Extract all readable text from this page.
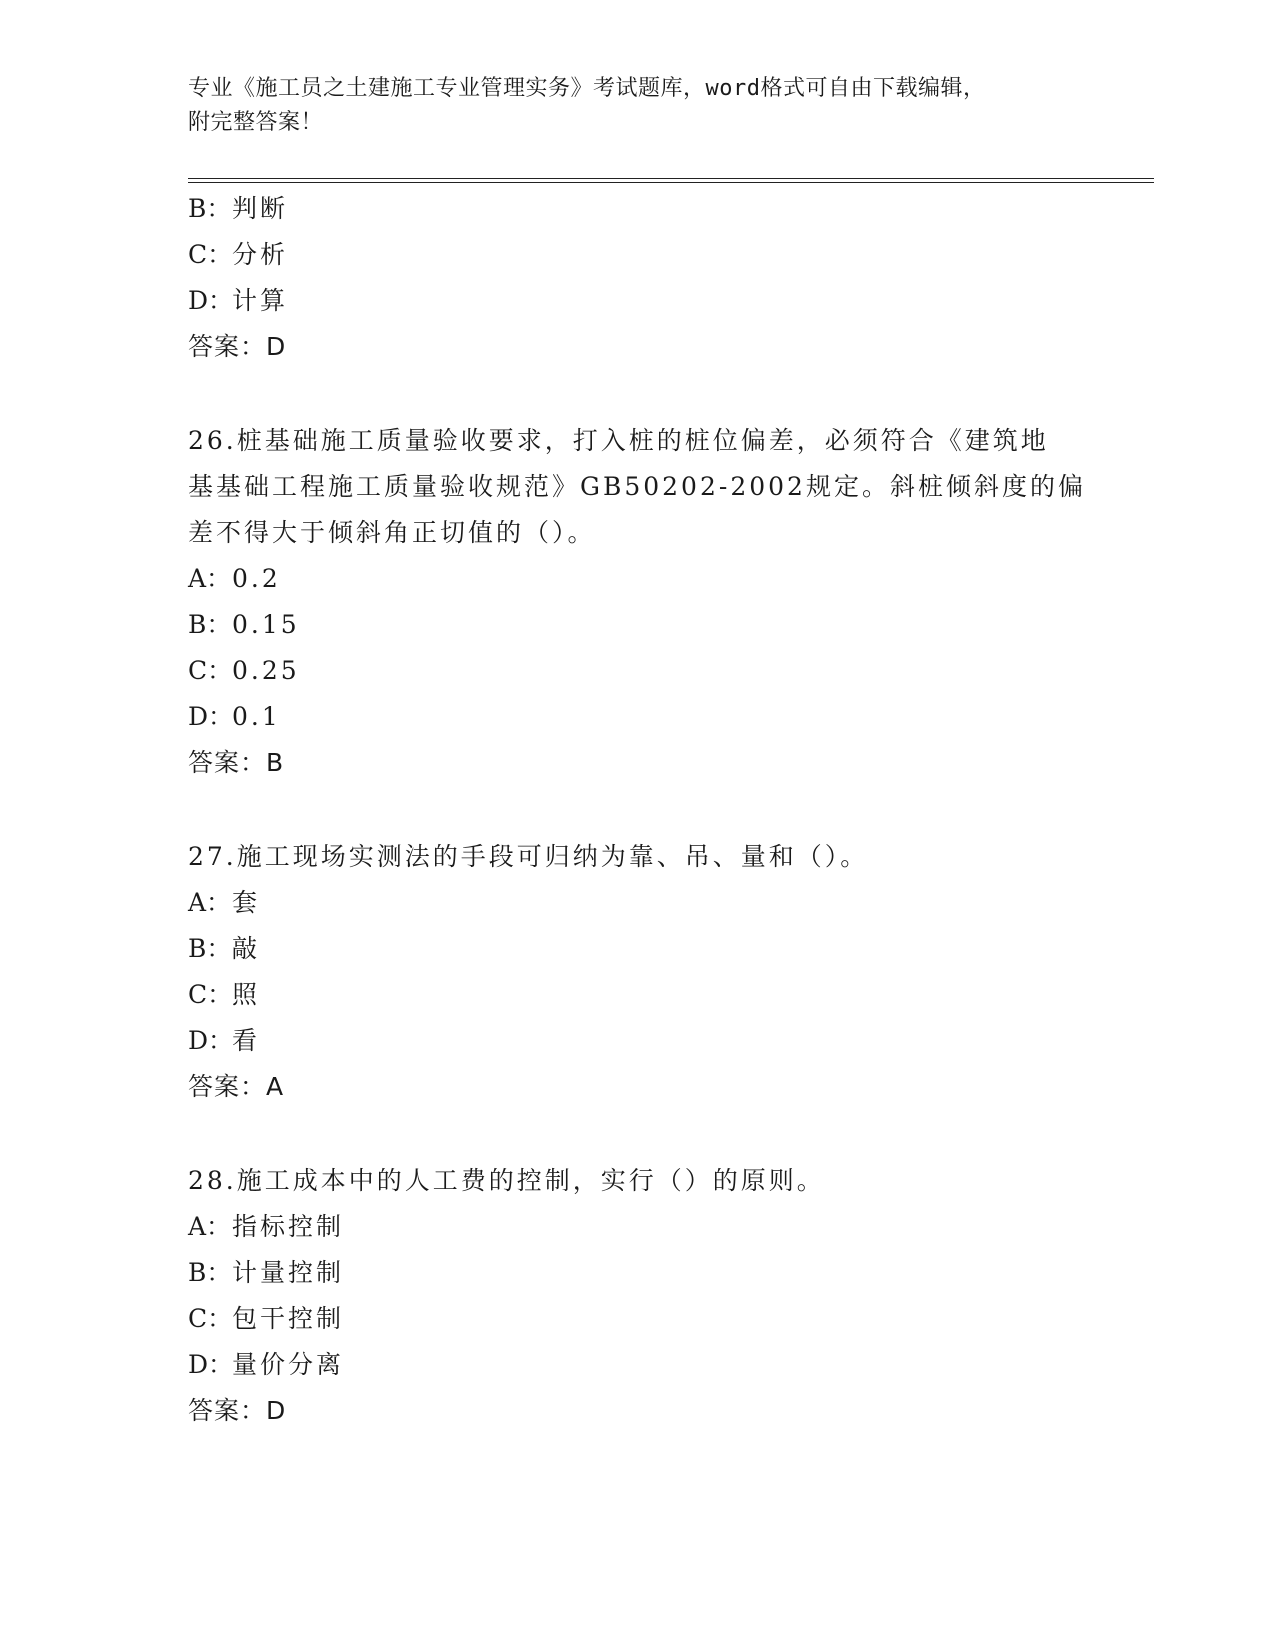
专业《施工员之土建施工专业管理实务》考试题库，word格式可自由下载编辑，
附完整答案！
B：判断
C：分析
D：计算
答案：D
26.桩基础施工质量验收要求，打入桩的桩位偏差，必须符合《建筑地
基基础工程施工质量验收规范》GB50202-2002规定。斜桩倾斜度的偏
差不得大于倾斜角正切值的（）。
A：0.2
B：0.15
C：0.25
D：0.1
答案：B
27.施工现场实测法的手段可归纳为靠、吊、量和（）。
A：套
B：敲
C：照
D：看
答案：A
28.施工成本中的人工费的控制，实行（）的原则。
A：指标控制
B：计量控制
C：包干控制
D：量价分离
答案：D
